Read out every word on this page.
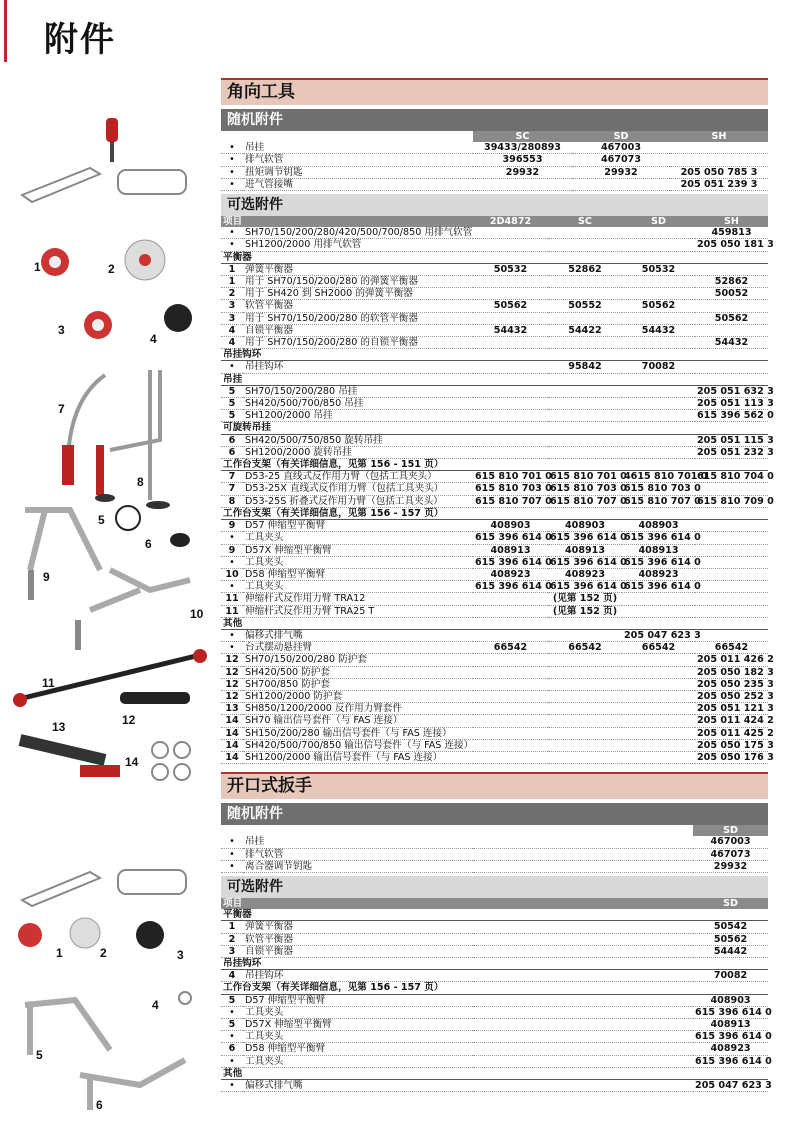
附件
1	2
3
4
7
8
5
6
9
10
11
12
13
14
1	2	3
4
5
6
角向工具
随机附件
		SC	SD	SH
•	吊挂	39433/280893	467003	
•	排气软管	396553	467073	
•	扭矩调节钥匙	29932	29932	205 050 785 3
•	进气管接嘴			205 051 239 3
可选附件
项目		2D4872	SC	SD	SH
•	SH70/150/200/280/420/500/700/850 用排气软管				459813
•	SH1200/2000 用排气软管				205 050 181 3
平衡器					
1	弹簧平衡器	50532	52862	50532	
1	用于 SH70/150/200/280 的弹簧平衡器				52862
2	用于 SH420 到 SH2000 的弹簧平衡器				50052
3	软管平衡器	50562	50552	50562	
3	用于 SH70/150/200/280 的软管平衡器				50562
4	自锁平衡器	54432	54422	54432	
4	用于 SH70/150/200/280 的自锁平衡器				54432
吊挂钩环					
•	吊挂钩环		95842	70082	
吊挂					
5	SH70/150/200/280 吊挂				205 051 632 3
5	SH420/500/700/850 吊挂				205 051 113 3
5	SH1200/2000 吊挂				615 396 562 0
可旋转吊挂					
6	SH420/500/750/850 旋转吊挂				205 051 115 3
6	SH1200/2000 旋转吊挂				205 051 232 3
工作台支架（有关详细信息，见第 156 - 151 页）					
7	D53-25 直线式反作用力臂（包括工具夹头）	615 810 701 0	615 810 701 0	4615 810 701 0	615 810 704 0
7	D53-25X 直线式反作用力臂（包括工具夹头）	615 810 703 0	615 810 703 0	615 810 703 0	
8	D53-25S 折叠式反作用力臂（包括工具夹头）	615 810 707 0	615 810 707 0	615 810 707 0	615 810 709 0
工作台支架（有关详细信息，见第 156 - 157 页）					
9	D57 伸缩型平衡臂	408903	408903	408903	
•	工具夹头	615 396 614 0	615 396 614 0	615 396 614 0	
9	D57X 伸缩型平衡臂	408913	408913	408913	
•	工具夹头	615 396 614 0	615 396 614 0	615 396 614 0	
10	D58 伸缩型平衡臂	408923	408923	408923	
•	工具夹头	615 396 614 0	615 396 614 0	615 396 614 0	
11	伸缩杆式反作用力臂 TRA12		(见第 152 页)		
11	伸缩杆式反作用力臂 TRA25 T		(见第 152 页)		
其他					
•	偏移式排气嘴			205 047 623 3	
•	台式摆动悬挂臂	66542	66542	66542	66542
12	SH70/150/200/280 防护套				205 011 426 2
12	SH420/500 防护套				205 050 182 3
12	SH700/850 防护套				205 050 235 3
12	SH1200/2000 防护套				205 050 252 3
13	SH850/1200/2000 反作用力臂套件				205 051 121 3
14	SH70 输出信号套件（与 FAS 连接）				205 011 424 2
14	SH150/200/280 输出信号套件（与 FAS 连接）				205 011 425 2
14	SH420/500/700/850 输出信号套件（与 FAS 连接）				205 050 175 3
14	SH1200/2000 输出信号套件（与 FAS 连接）				205 050 176 3
开口式扳手
随机附件
			SD
•	吊挂		467003
•	排气软管		467073
•	离合器调节钥匙		29932
可选附件
项目			SD
平衡器			
1	弹簧平衡器		50542
2	软管平衡器		50562
3	自锁平衡器		54442
吊挂钩环			
4	吊挂钩环		70082
工作台支架（有关详细信息，见第 156 - 157 页）			
5	D57 伸缩型平衡臂		408903
•	工具夹头		615 396 614 0
5	D57X 伸缩型平衡臂		408913
•	工具夹头		615 396 614 0
6	D58 伸缩型平衡臂		408923
•	工具夹头		615 396 614 0
其他			
•	偏移式排气嘴		205 047 623 3
